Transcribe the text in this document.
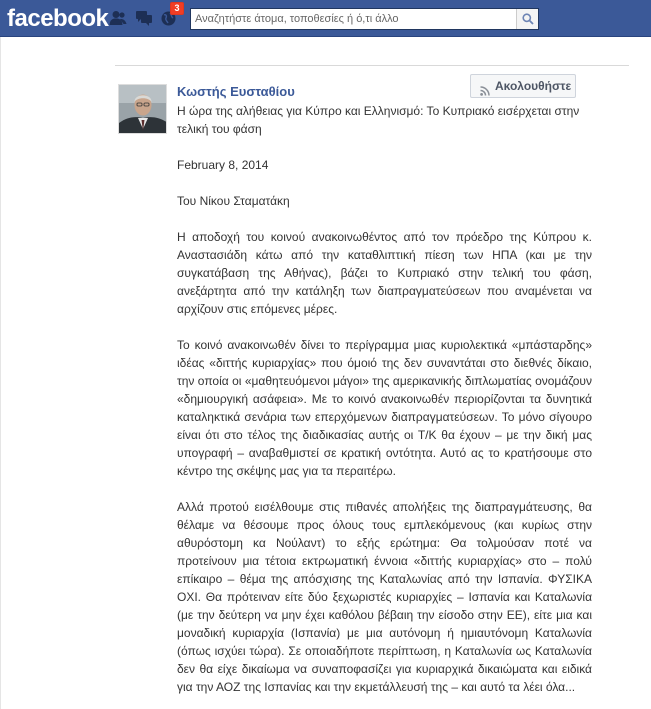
facebook	3
Αναζητήστε άτομα, τοποθεσίες ή ό,τι άλλο
Κωστής Ευσταθίου	Ακολουθήστε

Η ώρα της αλήθειας για Κύπρο και Ελληνισμό: Το Κυπριακό εισέρχεται στην τελική του φάση

February 8, 2014

Του Νίκου Σταματάκη

Η αποδοχή του κοινού ανακοινωθέντος από τον πρόεδρο της Κύπρου κ. Αναστασιάδη κάτω από την καταθλιπτική πίεση των ΗΠΑ (και με την συγκατάβαση της Αθήνας), βάζει το Κυπριακό στην τελική του φάση, ανεξάρτητα από την κατάληξη των διαπραγματεύσεων που αναμένεται να αρχίζουν στις επόμενες μέρες.

Το κοινό ανακοινωθέν δίνει το περίγραμμα μιας κυριολεκτικά «μπάσταρδης» ιδέας «διττής κυριαρχίας» που όμοιό της δεν συναντάται στο διεθνές δίκαιο, την οποία οι «μαθητευόμενοι μάγοι» της αμερικανικής διπλωματίας ονομάζουν «δημιουργική ασάφεια». Με το κοινό ανακοινωθέν περιορίζονται τα δυνητικά καταληκτικά σενάρια των επερχόμενων διαπραγματεύσεων. Το μόνο σίγουρο είναι ότι στο τέλος της διαδικασίας αυτής οι Τ/Κ θα έχουν – με την δική μας υπογραφή – αναβαθμιστεί σε κρατική οντότητα. Αυτό ας το κρατήσουμε στο κέντρο της σκέψης μας για τα περαιτέρω.

Αλλά προτού εισέλθουμε στις πιθανές απολήξεις της διαπραγμάτευσης, θα θέλαμε να θέσουμε προς όλους τους εμπλεκόμενους (και κυρίως στην αθυρόστομη κα Νούλαντ) το εξής ερώτημα: Θα τολμούσαν ποτέ να προτείνουν μια τέτοια εκτρωματική έννοια «διττής κυριαρχίας» στο – πολύ επίκαιρο – θέμα της απόσχισης της Καταλωνίας από την Ισπανία. ΦΥΣΙΚΑ ΟΧΙ. Θα πρότειναν είτε δύο ξεχωριστές κυριαρχίες – Ισπανία και Καταλωνία (με την δεύτερη να μην έχει καθόλου βέβαιη την είσοδο στην ΕΕ), είτε μια και μοναδική κυριαρχία (Ισπανία) με μια αυτόνομη ή ημιαυτόνομη Καταλωνία (όπως ισχύει τώρα). Σε οποιαδήποτε περίπτωση, η Καταλωνία ως Καταλωνία δεν θα είχε δικαίωμα να συναποφασίζει για κυριαρχικά δικαιώματα και ειδικά για την ΑΟΖ της Ισπανίας και την εκμετάλλευσή της – και αυτό τα λέει όλα...
